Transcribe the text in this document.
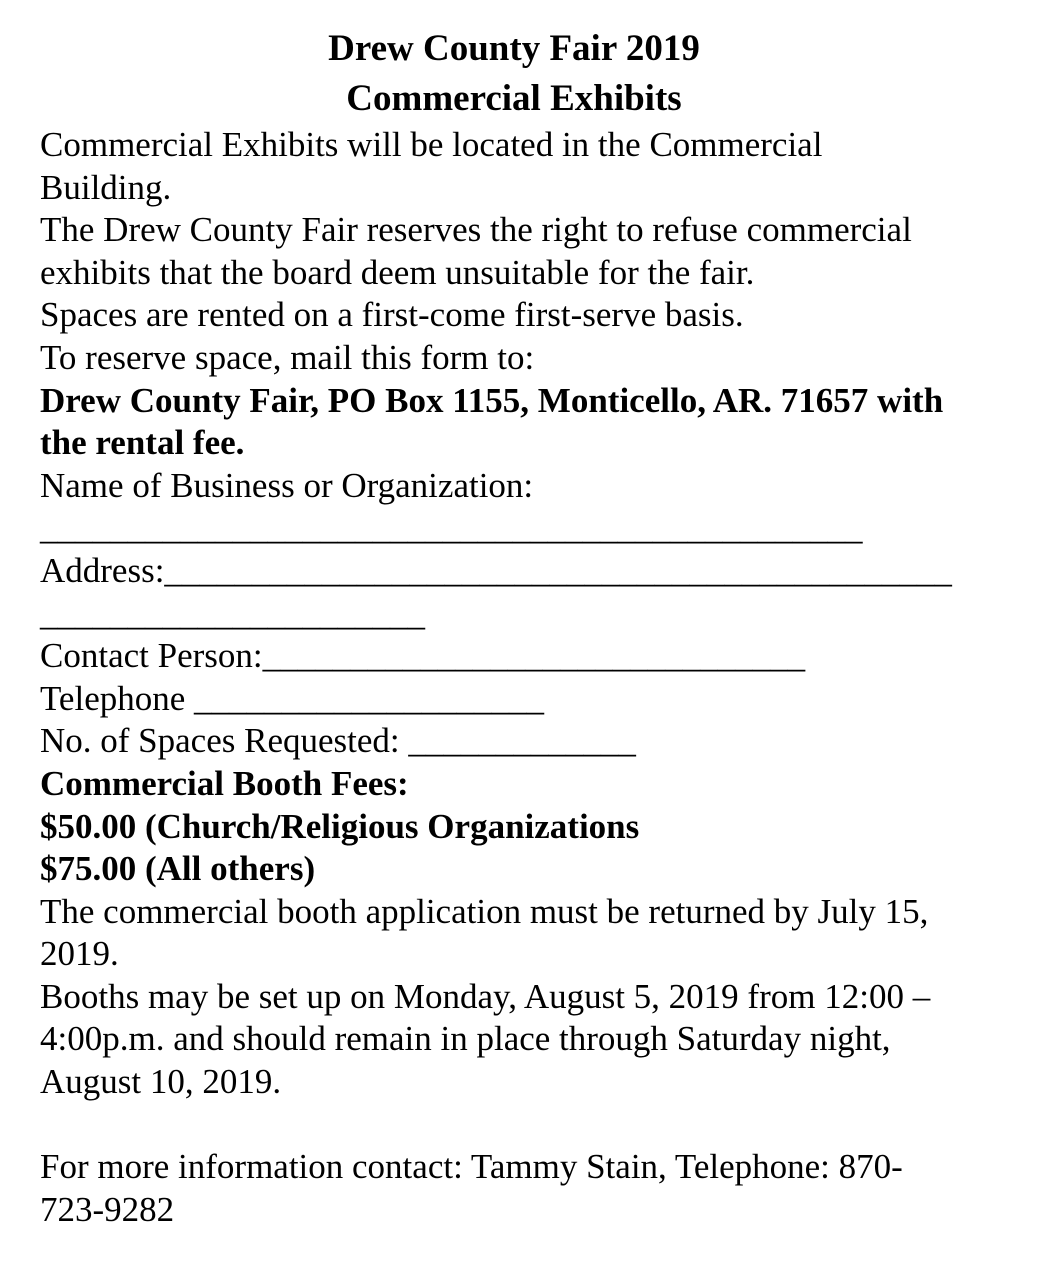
Drew County Fair 2019
Commercial Exhibits

Commercial Exhibits will be located in the Commercial

Building.

The Drew County Fair reserves the right to refuse commercial

exhibits that the board deem unsuitable for the fair.

Spaces are rented on a first-come first-serve basis.

To reserve space, mail this form to:

Drew County Fair, PO Box 1155, Monticello, AR. 71657 with

the rental fee.

Name of Business or Organization:

_______________________________________________

Address:_____________________________________________

______________________

Contact Person:_______________________________

Telephone ____________________

No. of Spaces Requested: _____________

Commercial Booth Fees:

$50.00 (Church/Religious Organizations

$75.00 (All others)

The commercial booth application must be returned by July 15,

2019.

Booths may be set up on Monday, August 5, 2019 from 12:00 –

4:00p.m. and should remain in place through Saturday night,

August 10, 2019.

For more information contact: Tammy Stain, Telephone: 870-

723-9282
